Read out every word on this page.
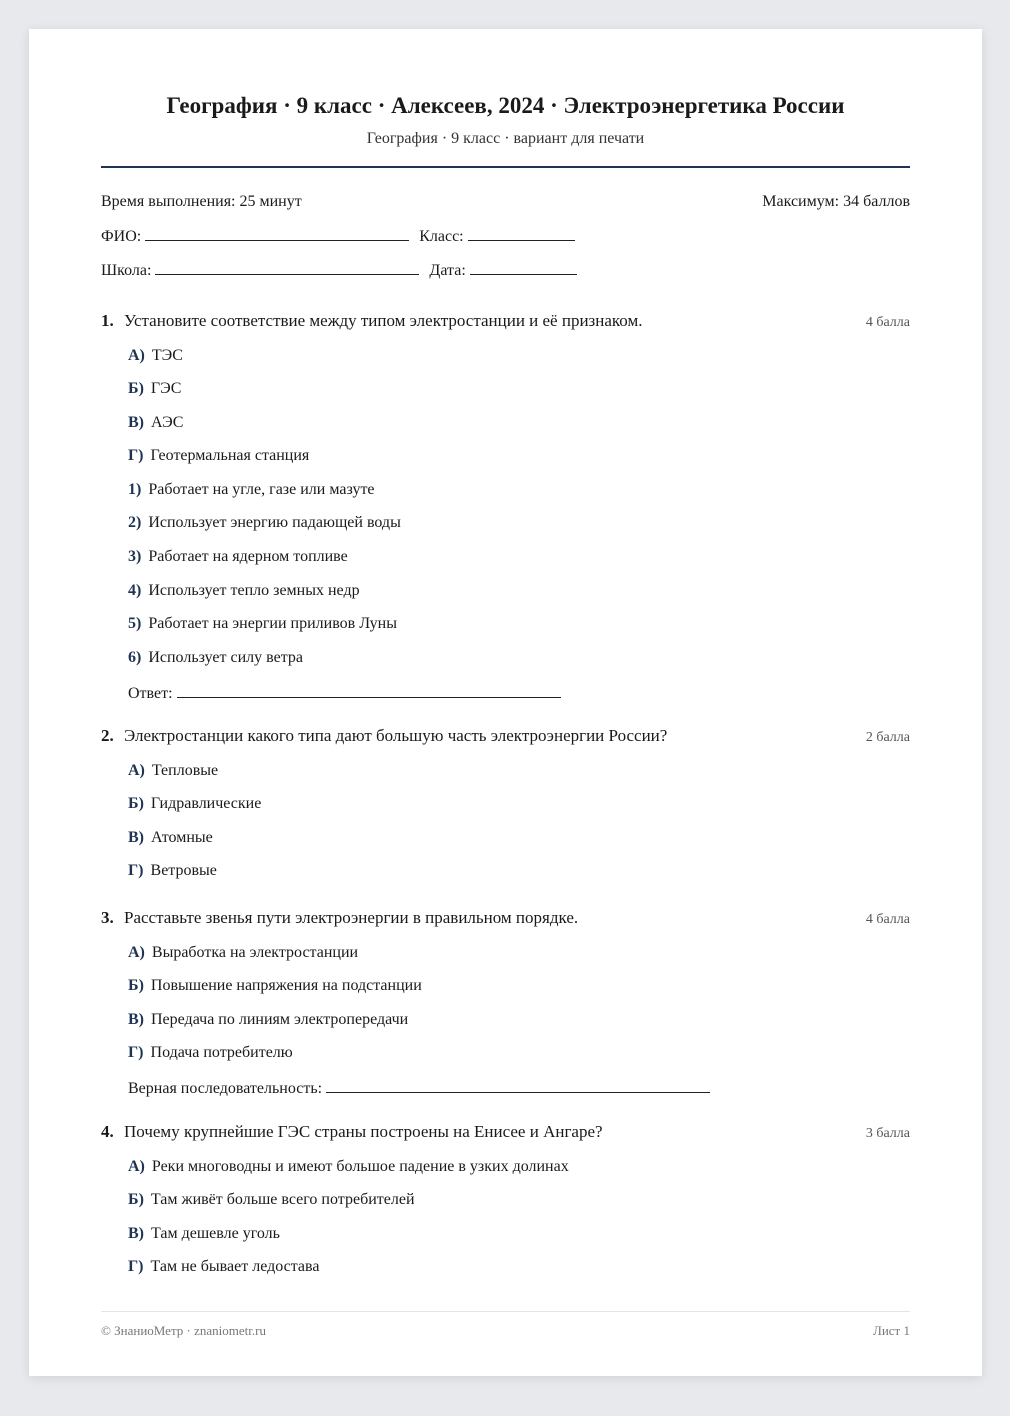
География · 9 класс · Алексеев, 2024 · Электроэнергетика России
География · 9 класс · вариант для печати
Время выполнения: 25 минут	Максимум: 34 баллов
ФИО:	Класс:
Школа:	Дата:
1. Установите соответствие между типом электростанции и её признаком.	4 балла
А) ТЭС
Б) ГЭС
В) АЭС
Г) Геотермальная станция
1) Работает на угле, газе или мазуте
2) Использует энергию падающей воды
3) Работает на ядерном топливе
4) Использует тепло земных недр
5) Работает на энергии приливов Луны
6) Использует силу ветра
Ответ:
2. Электростанции какого типа дают большую часть электроэнергии России?	2 балла
А) Тепловые
Б) Гидравлические
В) Атомные
Г) Ветровые
3. Расставьте звенья пути электроэнергии в правильном порядке.	4 балла
А) Выработка на электростанции
Б) Повышение напряжения на подстанции
В) Передача по линиям электропередачи
Г) Подача потребителю
Верная последовательность:
4. Почему крупнейшие ГЭС страны построены на Енисее и Ангаре?	3 балла
А) Реки многоводны и имеют большое падение в узких долинах
Б) Там живёт больше всего потребителей
В) Там дешевле уголь
Г) Там не бывает ледостава
© ЗнаниоМетр · znaniometr.ru	Лист 1
